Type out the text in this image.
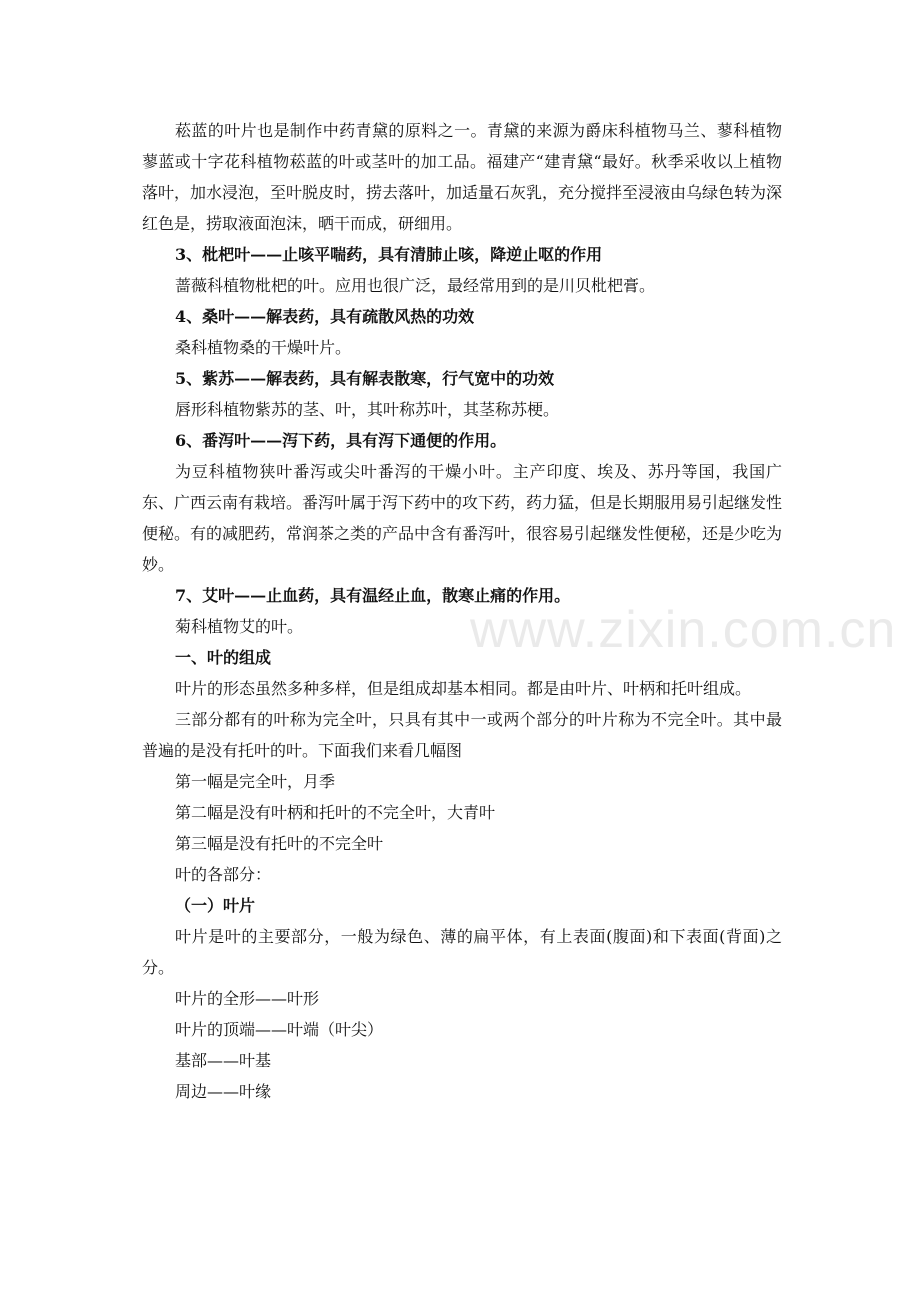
菘蓝的叶片也是制作中药青黛的原料之一。青黛的来源为爵床科植物马兰、蓼科植物蓼蓝或十字花科植物菘蓝的叶或茎叶的加工品。福建产“建青黛“最好。秋季采收以上植物落叶，加水浸泡，至叶脱皮时，捞去落叶，加适量石灰乳，充分搅拌至浸液由乌绿色转为深红色是，捞取液面泡沫，晒干而成，研细用。

3、枇杷叶——止咳平喘药，具有清肺止咳，降逆止呕的作用

蔷薇科植物枇杷的叶。应用也很广泛，最经常用到的是川贝枇杷膏。

4、桑叶——解表药，具有疏散风热的功效

桑科植物桑的干燥叶片。

5、紫苏——解表药，具有解表散寒，行气宽中的功效

唇形科植物紫苏的茎、叶，其叶称苏叶，其茎称苏梗。

6、番泻叶——泻下药，具有泻下通便的作用。

为豆科植物狭叶番泻或尖叶番泻的干燥小叶。主产印度、埃及、苏丹等国，我国广东、广西云南有栽培。番泻叶属于泻下药中的攻下药，药力猛，但是长期服用易引起继发性便秘。有的减肥药，常润茶之类的产品中含有番泻叶，很容易引起继发性便秘，还是少吃为妙。

7、艾叶——止血药，具有温经止血，散寒止痛的作用。

菊科植物艾的叶。

一、叶的组成

叶片的形态虽然多种多样，但是组成却基本相同。都是由叶片、叶柄和托叶组成。

三部分都有的叶称为完全叶，只具有其中一或两个部分的叶片称为不完全叶。其中最普遍的是没有托叶的叶。下面我们来看几幅图

第一幅是完全叶，月季

第二幅是没有叶柄和托叶的不完全叶，大青叶

第三幅是没有托叶的不完全叶

叶的各部分：

（一）叶片

叶片是叶的主要部分，一般为绿色、薄的扁平体，有上表面(腹面)和下表面(背面)之分。

叶片的全形——叶形

叶片的顶端——叶端（叶尖）

基部——叶基

周边——叶缘

www.zixin.com.cn
